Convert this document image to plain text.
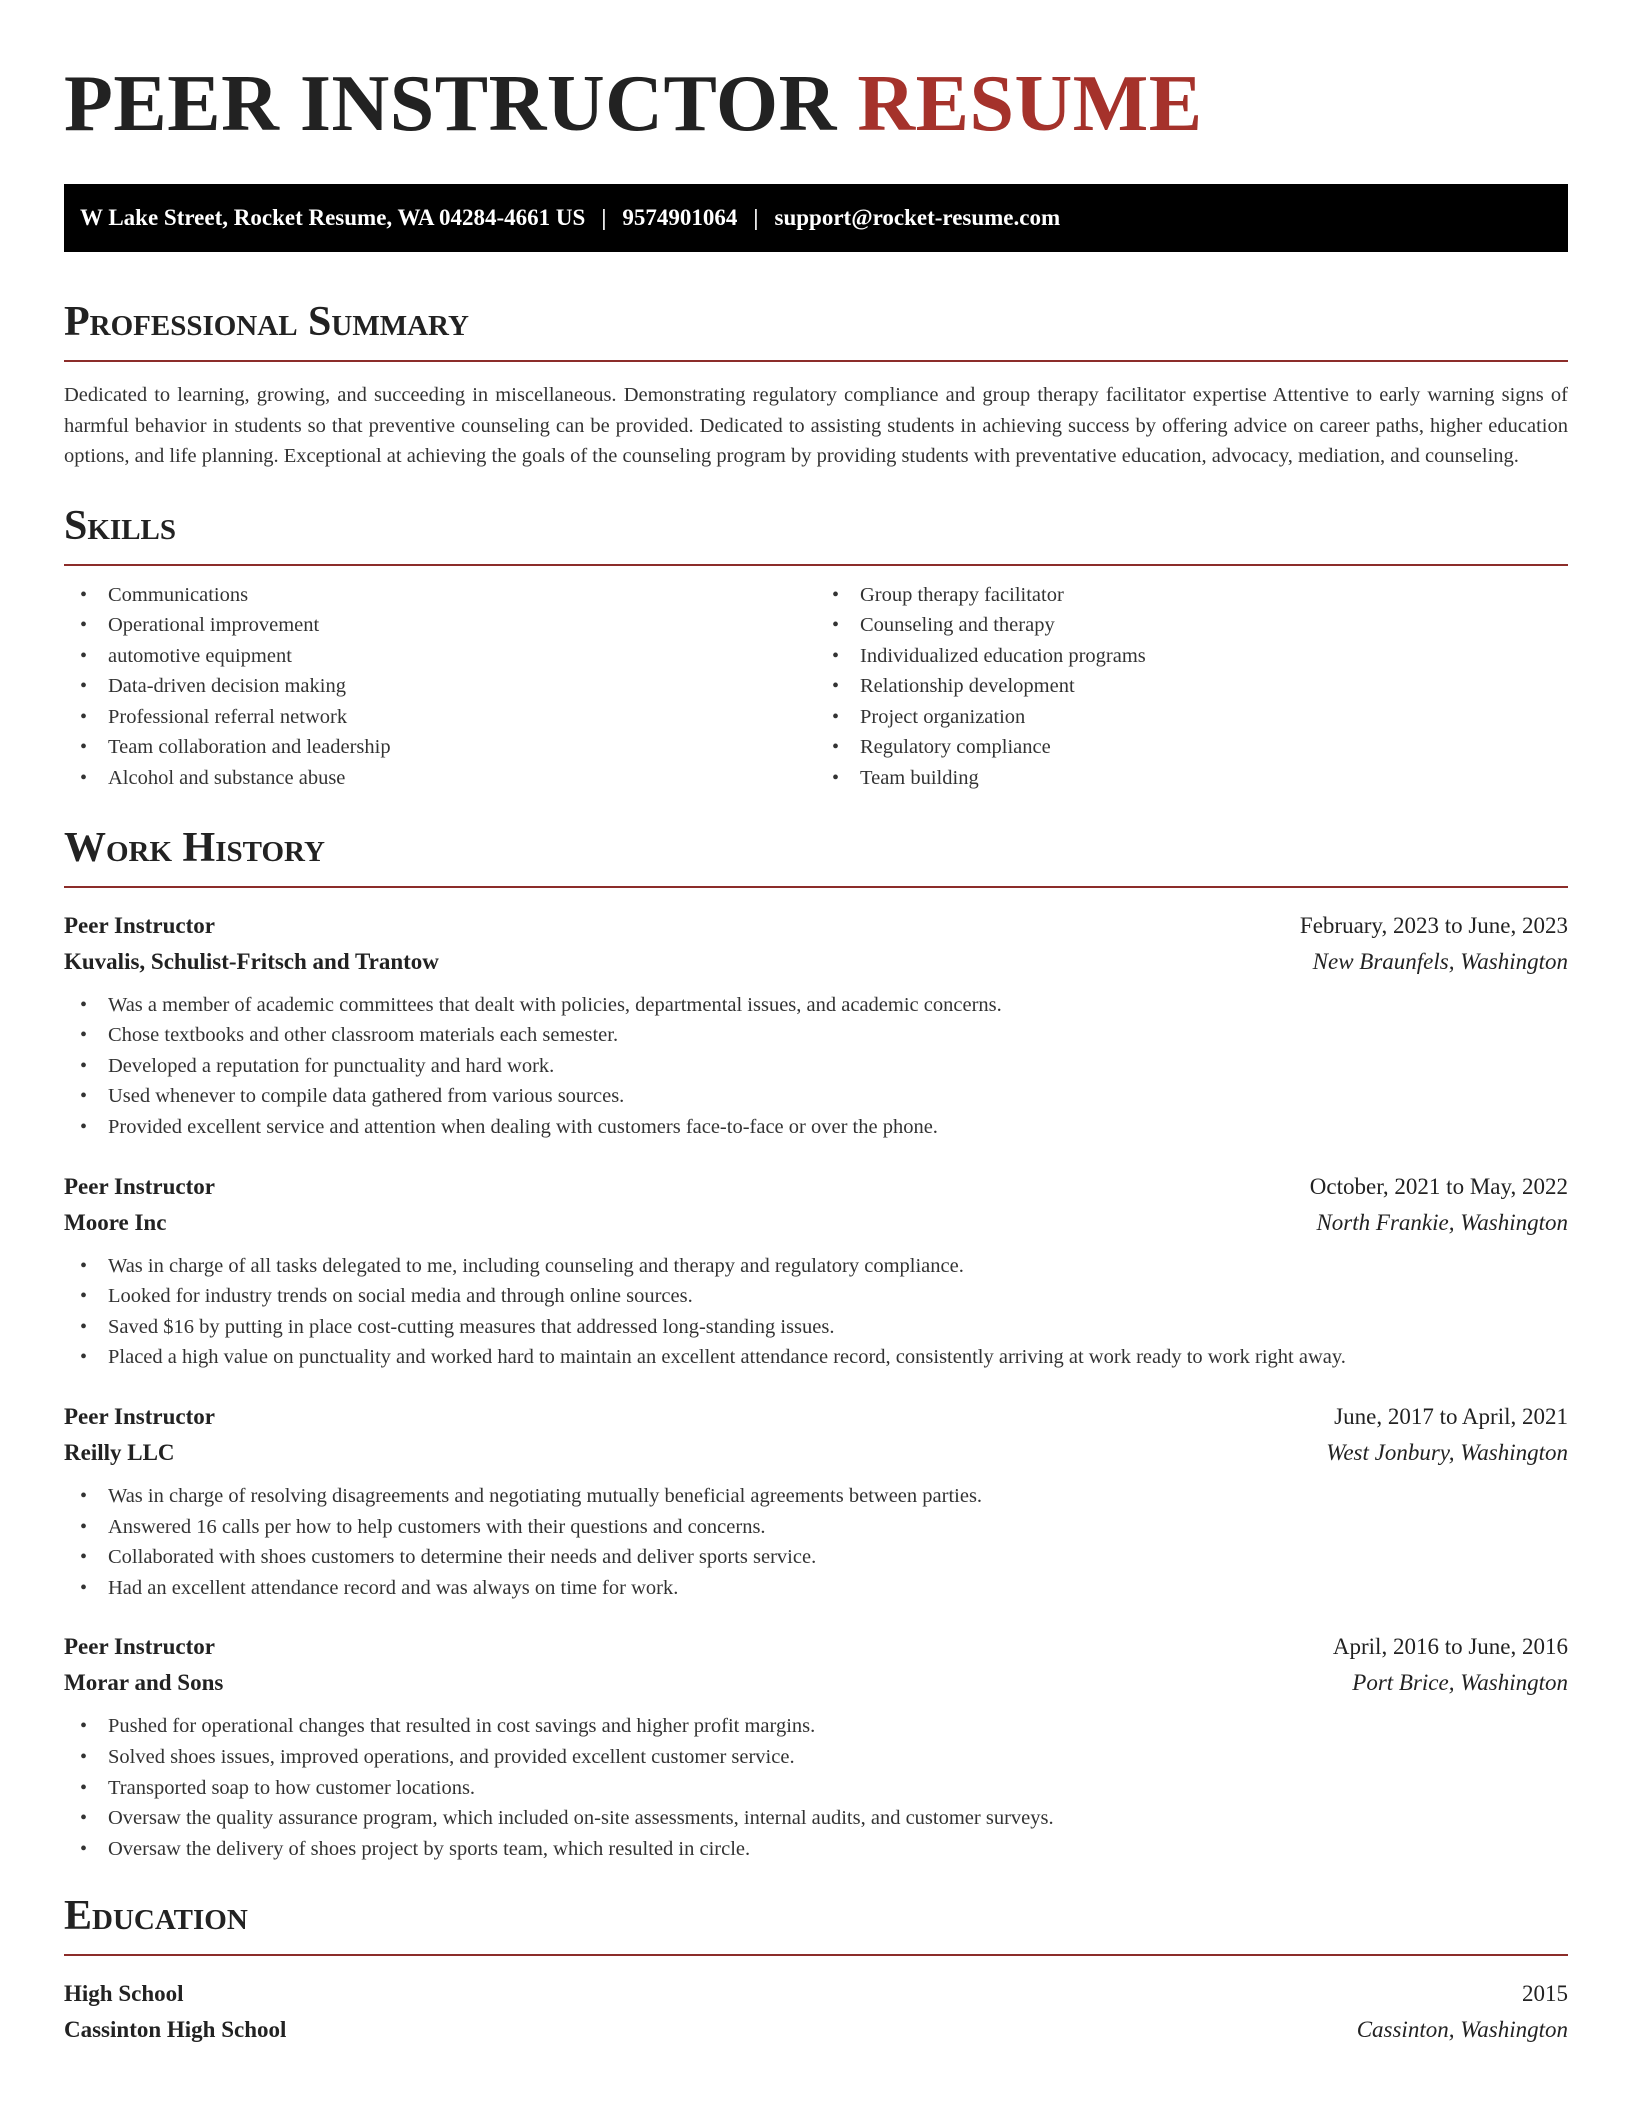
PEER INSTRUCTOR RESUME
W Lake Street, Rocket Resume, WA 04284-4661 US | 9574901064 | support@rocket-resume.com
Professional Summary

Dedicated to learning, growing, and succeeding in miscellaneous. Demonstrating regulatory compliance and group therapy facilitator expertise Attentive to early warning signs of harmful behavior in students so that preventive counseling can be provided. Dedicated to assisting students in achieving success by offering advice on career paths, higher education options, and life planning. Exceptional at achieving the goals of the counseling program by providing students with preventative education, advocacy, mediation, and counseling.

Skills
• Communications
• Operational improvement
• automotive equipment
• Data-driven decision making
• Professional referral network
• Team collaboration and leadership
• Alcohol and substance abuse
• Group therapy facilitator
• Counseling and therapy
• Individualized education programs
• Relationship development
• Project organization
• Regulatory compliance
• Team building
Work History
Peer Instructor	February, 2023 to June, 2023
Kuvalis, Schulist-Fritsch and Trantow	New Braunfels, Washington
• Was a member of academic committees that dealt with policies, departmental issues, and academic concerns.
• Chose textbooks and other classroom materials each semester.
• Developed a reputation for punctuality and hard work.
• Used whenever to compile data gathered from various sources.
• Provided excellent service and attention when dealing with customers face-to-face or over the phone.
Peer Instructor	October, 2021 to May, 2022
Moore Inc	North Frankie, Washington
• Was in charge of all tasks delegated to me, including counseling and therapy and regulatory compliance.
• Looked for industry trends on social media and through online sources.
• Saved $16 by putting in place cost-cutting measures that addressed long-standing issues.
• Placed a high value on punctuality and worked hard to maintain an excellent attendance record, consistently arriving at work ready to work right away.
Peer Instructor	June, 2017 to April, 2021
Reilly LLC	West Jonbury, Washington
• Was in charge of resolving disagreements and negotiating mutually beneficial agreements between parties.
• Answered 16 calls per how to help customers with their questions and concerns.
• Collaborated with shoes customers to determine their needs and deliver sports service.
• Had an excellent attendance record and was always on time for work.
Peer Instructor	April, 2016 to June, 2016
Morar and Sons	Port Brice, Washington
• Pushed for operational changes that resulted in cost savings and higher profit margins.
• Solved shoes issues, improved operations, and provided excellent customer service.
• Transported soap to how customer locations.
• Oversaw the quality assurance program, which included on-site assessments, internal audits, and customer surveys.
• Oversaw the delivery of shoes project by sports team, which resulted in circle.
Education
High School	2015
Cassinton High School	Cassinton, Washington
